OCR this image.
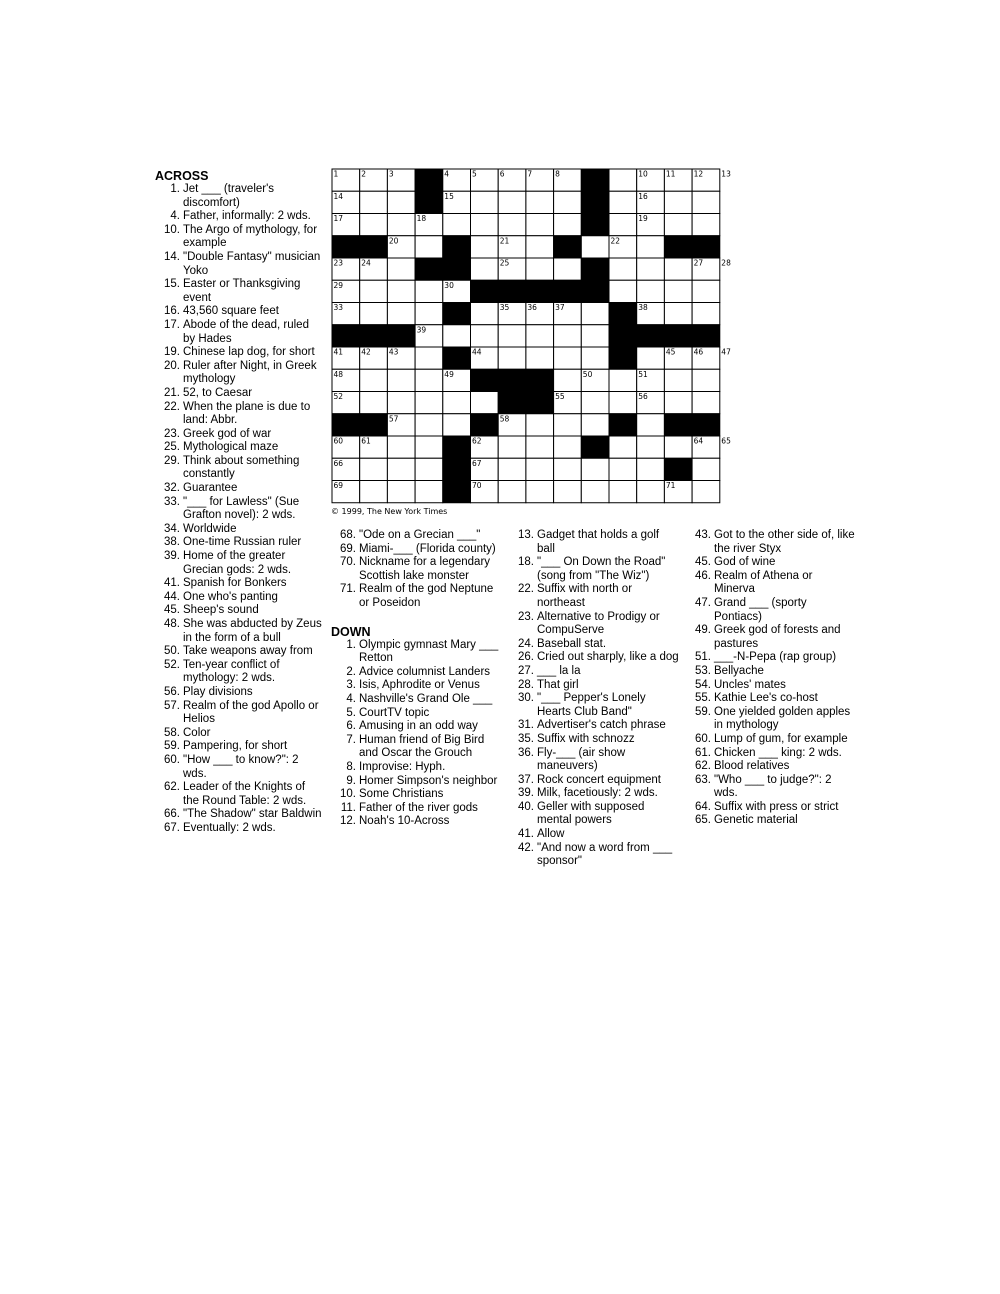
1	2	3	4	5	6	7	8	9	10 11 12 13
14	15	16
17	18	19
20	21	22
23 24	25	26	27 28
29	30 31	32
33	34	35 36 37	38
39	40
41 42 43	44	45 46 47
48	49	50	51
52	53 54 55	56
57	58	59
60 61	62	63	64 65
66	67	68
69	70	71
© 1999, The New York Times
ACROSS
1. Jet ___ (traveler's discomfort)
4. Father, informally: 2 wds.
10. The Argo of mythology, for example
14. "Double Fantasy" musician Yoko
15. Easter or Thanksgiving event
16. 43,560 square feet
17. Abode of the dead, ruled by Hades
19. Chinese lap dog, for short
20. Ruler after Night, in Greek mythology
21. 52, to Caesar
22. When the plane is due to land: Abbr.
23. Greek god of war
25. Mythological maze
29. Think about something constantly
32. Guarantee
33. "___ for Lawless" (Sue Grafton novel): 2 wds.
34. Worldwide
38. One-time Russian ruler
39. Home of the greater Grecian gods: 2 wds.
41. Spanish for Bonkers
44. One who's panting
45. Sheep's sound
48. She was abducted by Zeus in the form of a bull
50. Take weapons away from
52. Ten-year conflict of mythology: 2 wds.
56. Play divisions
57. Realm of the god Apollo or Helios
58. Color
59. Pampering, for short
60. "How ___ to know?": 2 wds.
62. Leader of the Knights of the Round Table: 2 wds.
66. "The Shadow" star Baldwin
67. Eventually: 2 wds.
68. "Ode on a Grecian ___"
69. Miami-___ (Florida county)
70. Nickname for a legendary Scottish lake monster
71. Realm of the god Neptune or Poseidon
DOWN
1. Olympic gymnast Mary ___ Retton
2. Advice columnist Landers
3. Isis, Aphrodite or Venus
4. Nashville's Grand Ole ___
5. CourtTV topic
6. Amusing in an odd way
7. Human friend of Big Bird and Oscar the Grouch
8. Improvise: Hyph.
9. Homer Simpson's neighbor
10. Some Christians
11. Father of the river gods
12. Noah's 10-Across
13. Gadget that holds a golf ball
18. "___ On Down the Road" (song from "The Wiz")
22. Suffix with north or northeast
23. Alternative to Prodigy or CompuServe
24. Baseball stat.
26. Cried out sharply, like a dog
27. ___ la la
28. That girl
30. "___ Pepper's Lonely Hearts Club Band"
31. Advertiser's catch phrase
35. Suffix with schnozz
36. Fly-___ (air show maneuvers)
37. Rock concert equipment
39. Milk, facetiously: 2 wds.
40. Geller with supposed mental powers
41. Allow
42. "And now a word from ___ sponsor"
43. Got to the other side of, like the river Styx
45. God of wine
46. Realm of Athena or Minerva
47. Grand ___ (sporty Pontiacs)
49. Greek god of forests and pastures
51. ___-N-Pepa (rap group)
53. Bellyache
54. Uncles' mates
55. Kathie Lee's co-host
59. One yielded golden apples in mythology
60. Lump of gum, for example
61. Chicken ___ king: 2 wds.
62. Blood relatives
63. "Who ___ to judge?": 2 wds.
64. Suffix with press or strict
65. Genetic material
